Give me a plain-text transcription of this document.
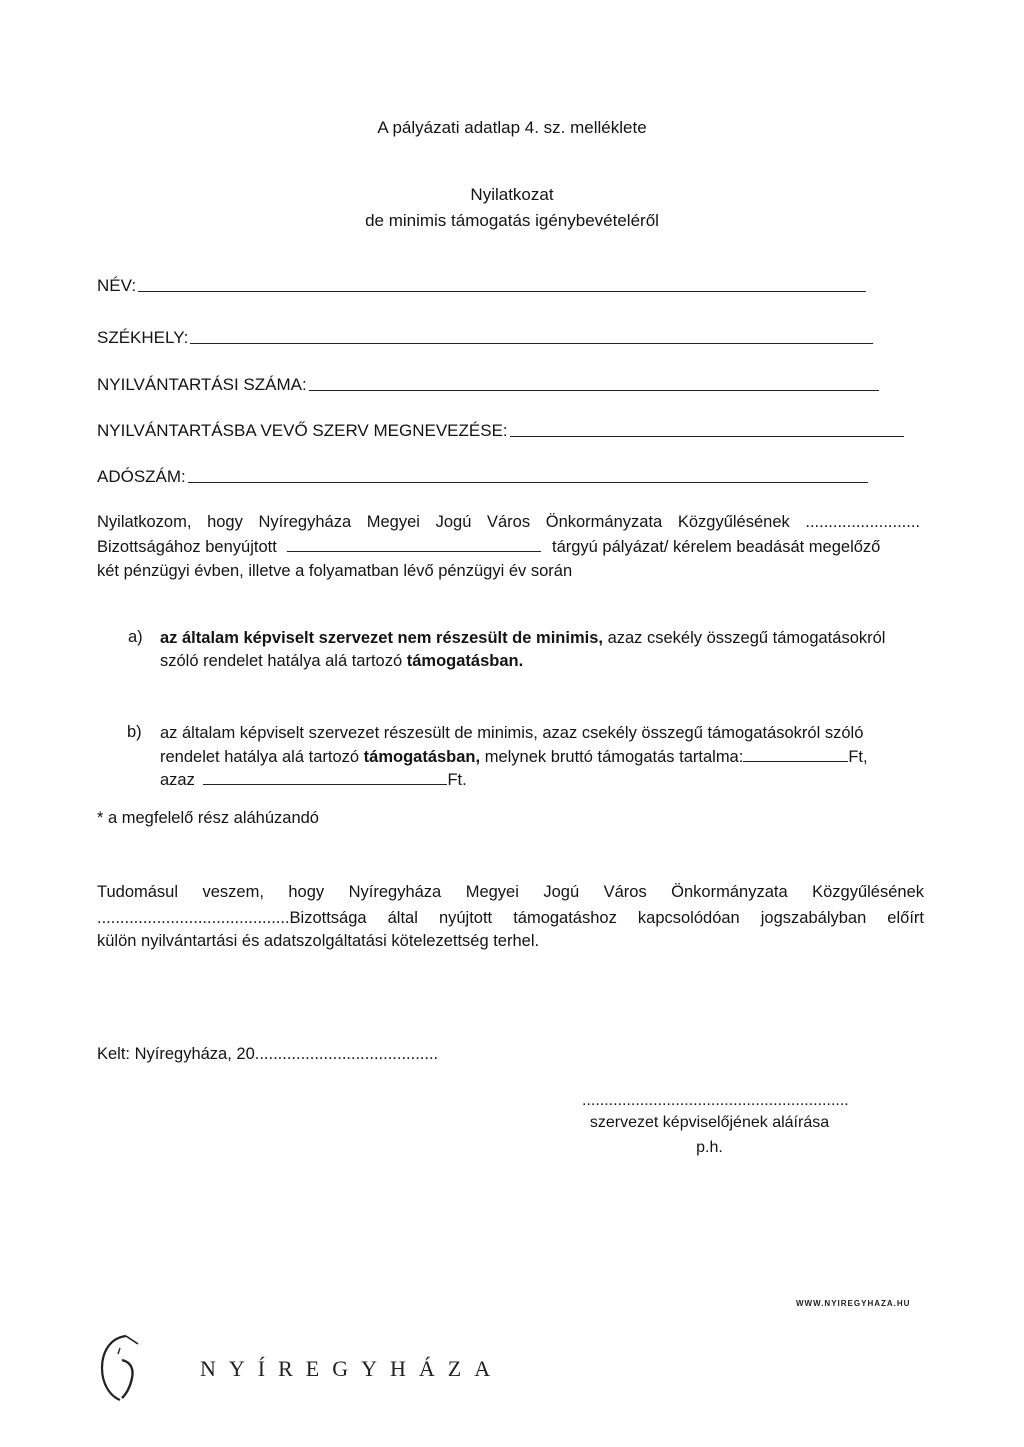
A pályázati adatlap 4. sz. melléklete
Nyilatkozat
de minimis támogatás igénybevételéről
NÉV:
SZÉKHELY:
NYILVÁNTARTÁSI SZÁMA:
NYILVÁNTARTÁSBA VEVŐ SZERV MEGNEVEZÉSE:
ADÓSZÁM:
Nyilatkozom, hogy Nyíregyháza Megyei Jogú Város Önkormányzata Közgyűlésének .........................
Bizottságához benyújtott	tárgyú pályázat/ kérelem beadását megelőző
két pénzügyi évben, illetve a folyamatban lévő pénzügyi év során
a) az általam képviselt szervezet nem részesült de minimis, azaz csekély összegű támogatásokról
szóló rendelet hatálya alá tartozó támogatásban.
b) az általam képviselt szervezet részesült de minimis, azaz csekély összegű támogatásokról szóló
rendelet hatálya alá tartozó támogatásban, melynek bruttó támogatás tartalma:	Ft,
azaz	Ft.
* a megfelelő rész aláhúzandó
Tudomásul veszem, hogy Nyíregyháza Megyei Jogú Város Önkormányzata Közgyűlésének
..........................................Bizottsága által nyújtott támogatáshoz kapcsolódóan jogszabályban előírt
külön nyilvántartási és adatszolgáltatási kötelezettség terhel.
Kelt: Nyíregyháza, 20........................................
............................................................
szervezet képviselőjének aláírása
p.h.
WWW.NYIREGYHAZA.HU
NYÍREGYHÁZA
